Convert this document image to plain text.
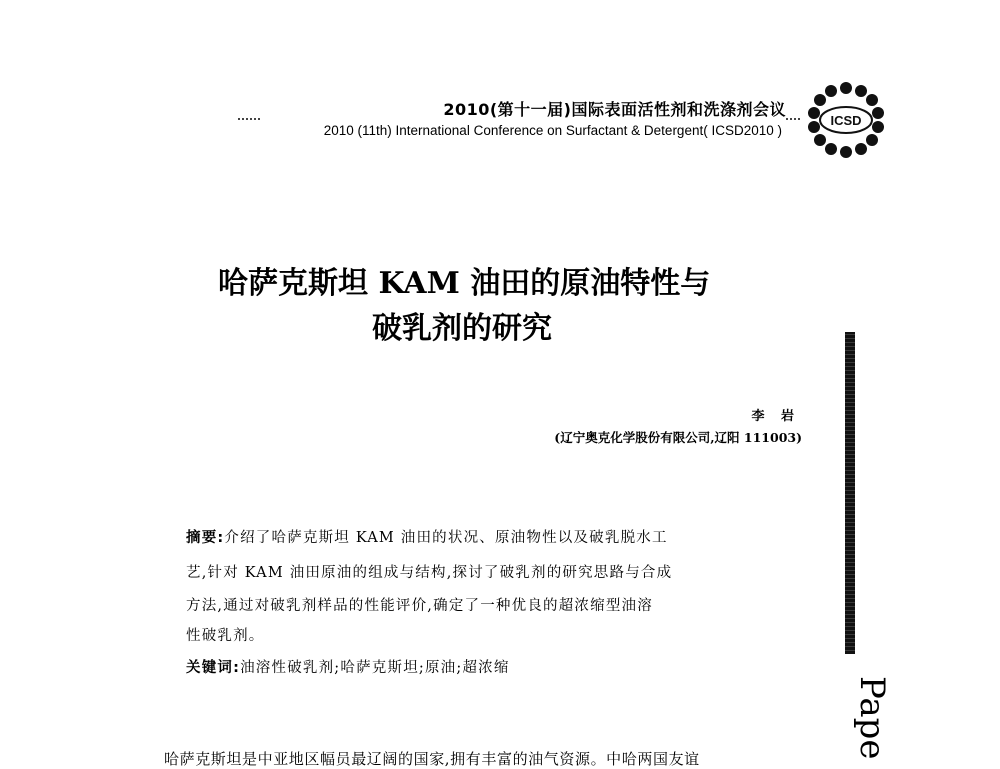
2010(第十一届)国际表面活性剂和洗涤剂会议
2010 (11th) International Conference on Surfactant & Detergent( ICSD2010 )
ICSD
哈萨克斯坦 KAM 油田的原油特性与
破乳剂的研究
李 岩
(辽宁奥克化学股份有限公司,辽阳 111003)
摘要:介绍了哈萨克斯坦 KAM 油田的状况、原油物性以及破乳脱水工
艺,针对 KAM 油田原油的组成与结构,探讨了破乳剂的研究思路与合成
方法,通过对破乳剂样品的性能评价,确定了一种优良的超浓缩型油溶
性破乳剂。
关键词:油溶性破乳剂;哈萨克斯坦;原油;超浓缩
Pape
哈萨克斯坦是中亚地区幅员最辽阔的国家,拥有丰富的油气资源。中哈两国友谊
